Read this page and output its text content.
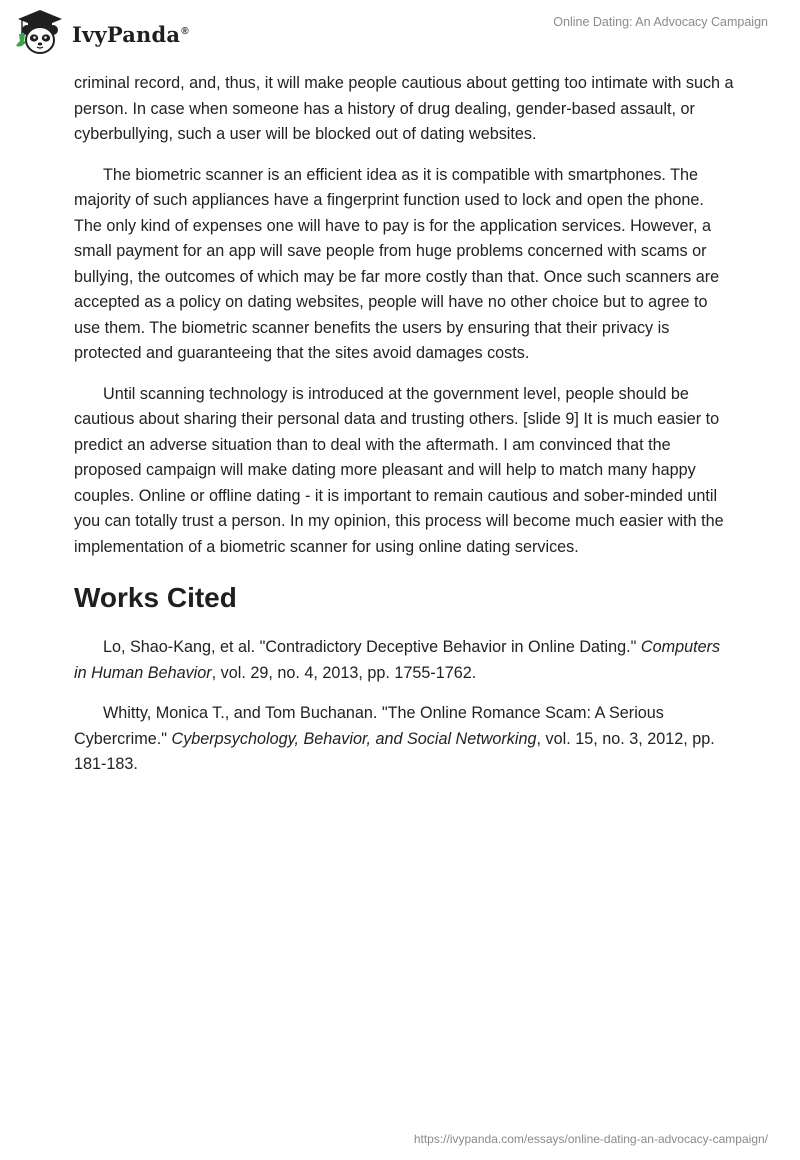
IvyPanda®
Online Dating: An Advocacy Campaign

criminal record, and, thus, it will make people cautious about getting too intimate with such a person. In case when someone has a history of drug dealing, gender-based assault, or cyberbullying, such a user will be blocked out of dating websites.

The biometric scanner is an efficient idea as it is compatible with smartphones. The majority of such appliances have a fingerprint function used to lock and open the phone. The only kind of expenses one will have to pay is for the application services. However, a small payment for an app will save people from huge problems concerned with scams or bullying, the outcomes of which may be far more costly than that. Once such scanners are accepted as a policy on dating websites, people will have no other choice but to agree to use them. The biometric scanner benefits the users by ensuring that their privacy is protected and guaranteeing that the sites avoid damages costs.

Until scanning technology is introduced at the government level, people should be cautious about sharing their personal data and trusting others. [slide 9] It is much easier to predict an adverse situation than to deal with the aftermath. I am convinced that the proposed campaign will make dating more pleasant and will help to match many happy couples. Online or offline dating - it is important to remain cautious and sober-minded until you can totally trust a person. In my opinion, this process will become much easier with the implementation of a biometric scanner for using online dating services.

Works Cited

Lo, Shao-Kang, et al. "Contradictory Deceptive Behavior in Online Dating." Computers in Human Behavior, vol. 29, no. 4, 2013, pp. 1755-1762.

Whitty, Monica T., and Tom Buchanan. "The Online Romance Scam: A Serious Cybercrime." Cyberpsychology, Behavior, and Social Networking, vol. 15, no. 3, 2012, pp. 181-183.

https://ivypanda.com/essays/online-dating-an-advocacy-campaign/
